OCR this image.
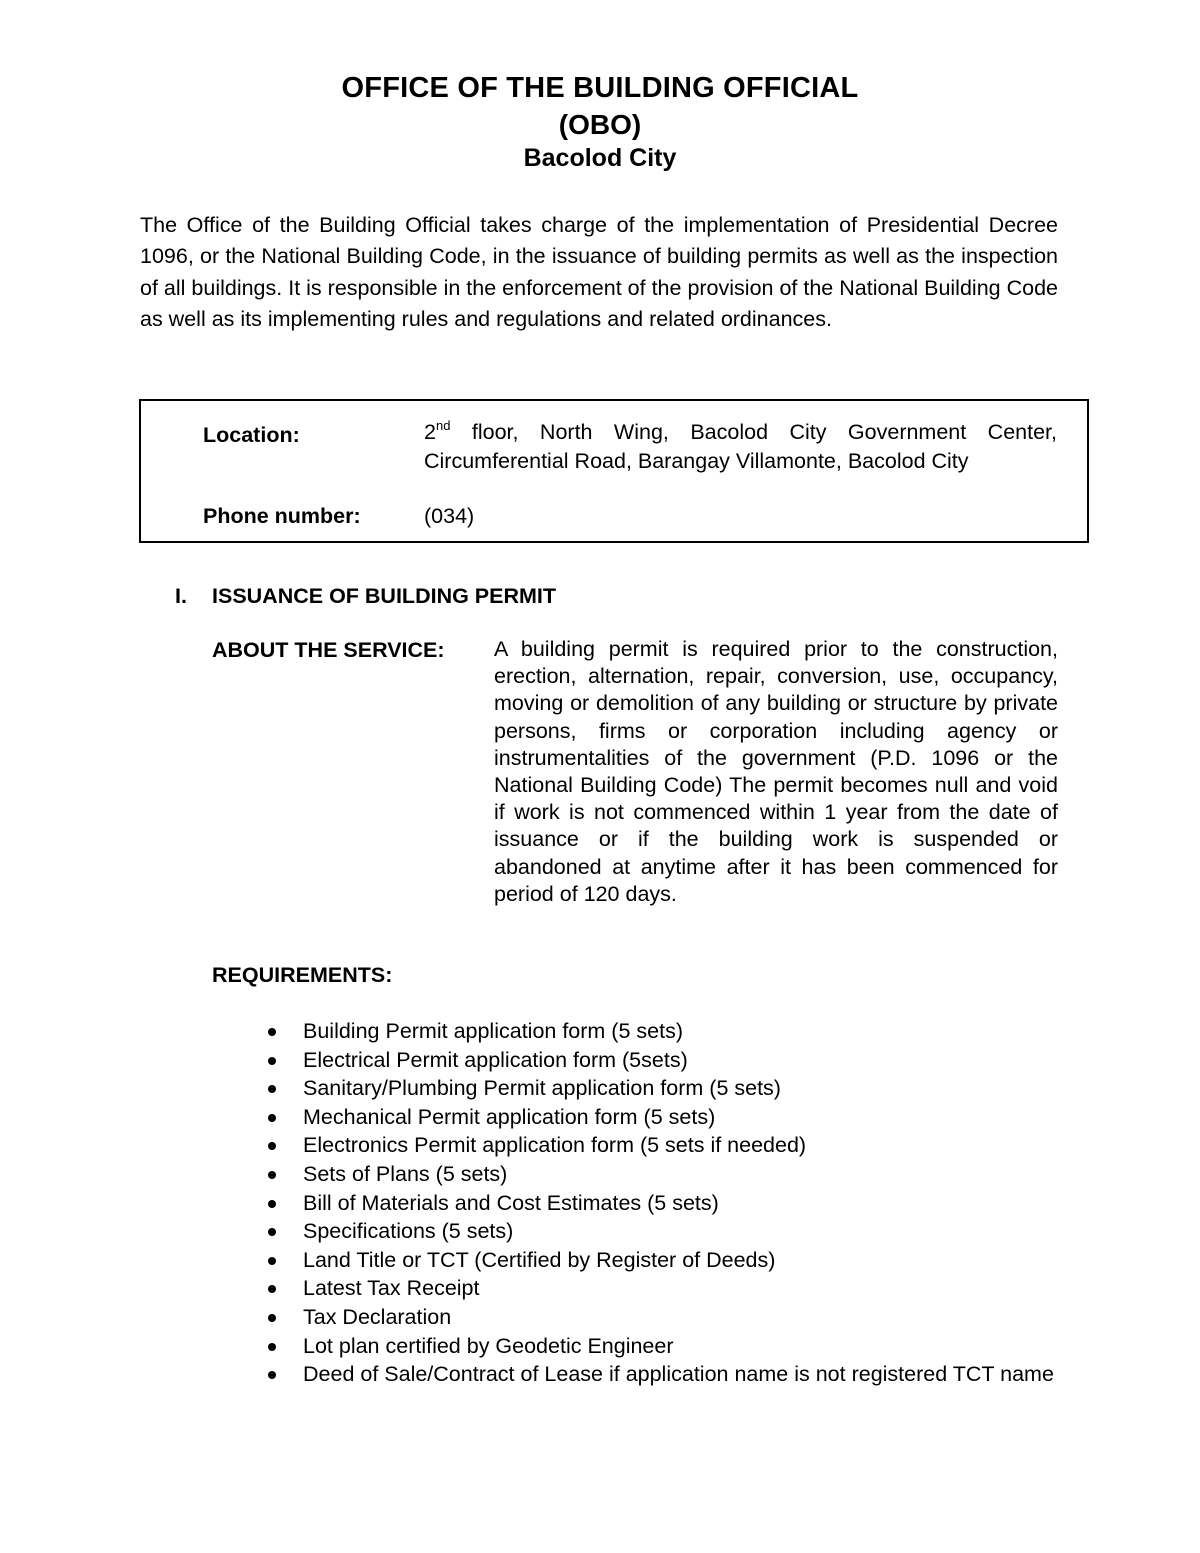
OFFICE OF THE BUILDING OFFICIAL
(OBO)
Bacolod City

The Office of the Building Official takes charge of the implementation of Presidential Decree 1096, or the National Building Code, in the issuance of building permits as well as the inspection of all buildings. It is responsible in the enforcement of the provision of the National Building Code as well as its implementing rules and regulations and related ordinances.

Location:	2nd floor, North Wing, Bacolod City Government Center,
Circumferential Road, Barangay Villamonte, Bacolod City
Phone number:	(034)
I. ISSUANCE OF BUILDING PERMIT
ABOUT THE SERVICE: A building permit is required prior to the construction, erection, alternation, repair, conversion, use, occupancy, moving or demolition of any building or structure by private persons, firms or corporation including agency or instrumentalities of the government (P.D. 1096 or the National Building Code) The permit becomes null and void if work is not commenced within 1 year from the date of issuance or if the building work is suspended or abandoned at anytime after it has been commenced for period of 120 days.

REQUIREMENTS:
Building Permit application form (5 sets)
Electrical Permit application form (5sets)
Sanitary/Plumbing Permit application form (5 sets)
Mechanical Permit application form (5 sets)
Electronics Permit application form (5 sets if needed)
Sets of Plans (5 sets)
Bill of Materials and Cost Estimates (5 sets)
Specifications (5 sets)
Land Title or TCT (Certified by Register of Deeds)
Latest Tax Receipt
Tax Declaration
Lot plan certified by Geodetic Engineer
Deed of Sale/Contract of Lease if application name is not registered TCT name
